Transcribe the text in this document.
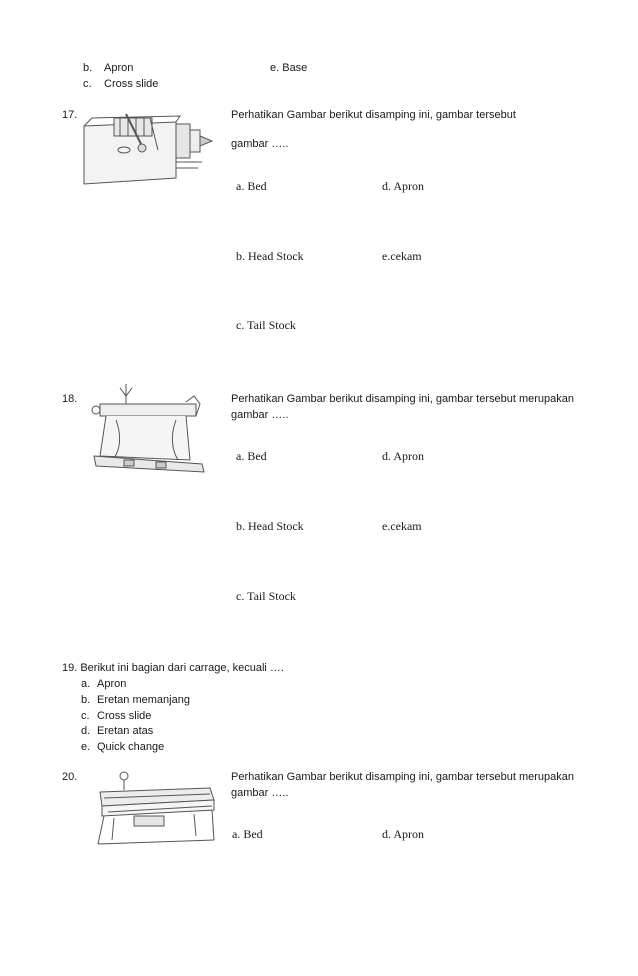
b. Apron	e. Base
c. Cross slide
17.	Perhatikan Gambar berikut disamping ini, gambar tersebut
gambar …..
a. Bed	d. Apron
b. Head Stock	e.cekam
c. Tail Stock
18.	Perhatikan Gambar berikut disamping ini, gambar tersebut merupakan
gambar …..
a. Bed	d. Apron
b. Head Stock	e.cekam
c. Tail Stock
19. Berikut ini bagian dari carrage, kecuali ….
a. Apron
b. Eretan memanjang
c. Cross slide
d. Eretan atas
e. Quick change
20.	Perhatikan Gambar berikut disamping ini, gambar tersebut merupakan
gambar …..
a. Bed	d. Apron
